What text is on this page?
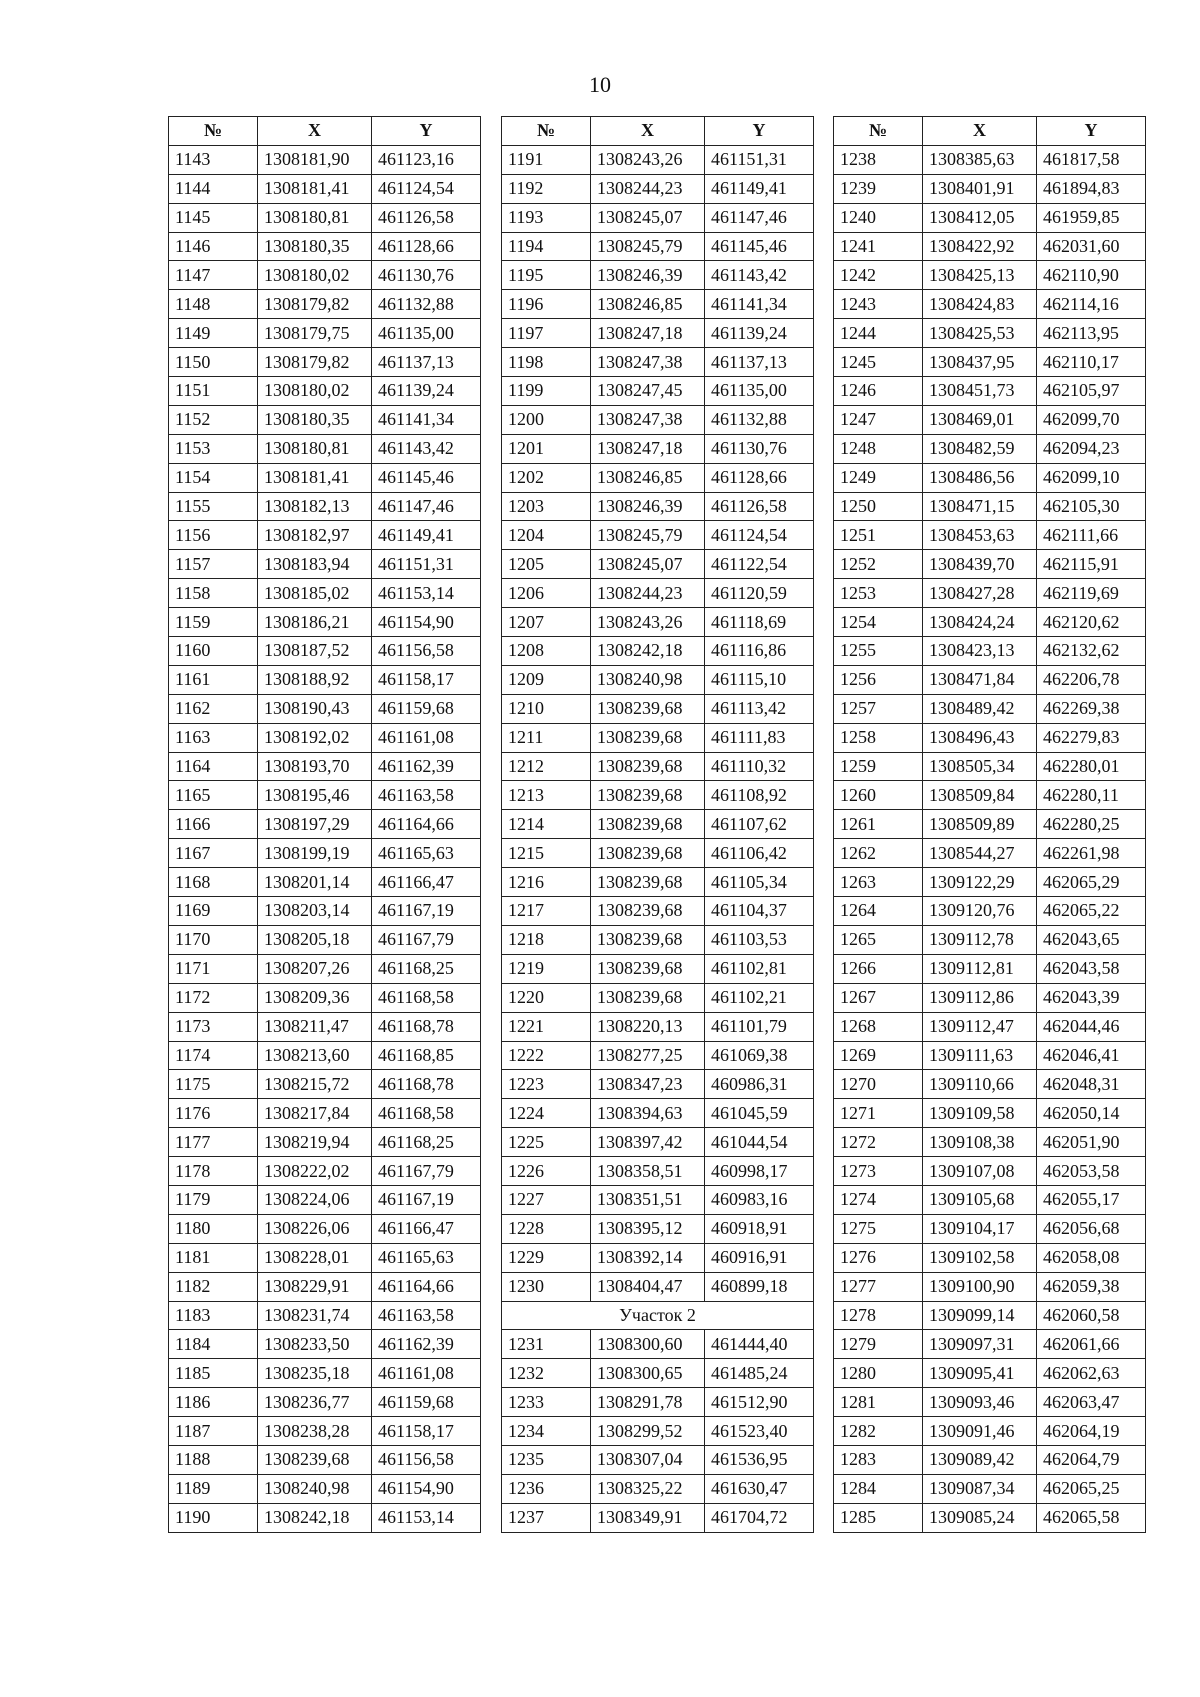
10
№	X	Y
1143	1308181,90	461123,16
1144	1308181,41	461124,54
1145	1308180,81	461126,58
1146	1308180,35	461128,66
1147	1308180,02	461130,76
1148	1308179,82	461132,88
1149	1308179,75	461135,00
1150	1308179,82	461137,13
1151	1308180,02	461139,24
1152	1308180,35	461141,34
1153	1308180,81	461143,42
1154	1308181,41	461145,46
1155	1308182,13	461147,46
1156	1308182,97	461149,41
1157	1308183,94	461151,31
1158	1308185,02	461153,14
1159	1308186,21	461154,90
1160	1308187,52	461156,58
1161	1308188,92	461158,17
1162	1308190,43	461159,68
1163	1308192,02	461161,08
1164	1308193,70	461162,39
1165	1308195,46	461163,58
1166	1308197,29	461164,66
1167	1308199,19	461165,63
1168	1308201,14	461166,47
1169	1308203,14	461167,19
1170	1308205,18	461167,79
1171	1308207,26	461168,25
1172	1308209,36	461168,58
1173	1308211,47	461168,78
1174	1308213,60	461168,85
1175	1308215,72	461168,78
1176	1308217,84	461168,58
1177	1308219,94	461168,25
1178	1308222,02	461167,79
1179	1308224,06	461167,19
1180	1308226,06	461166,47
1181	1308228,01	461165,63
1182	1308229,91	461164,66
1183	1308231,74	461163,58
1184	1308233,50	461162,39
1185	1308235,18	461161,08
1186	1308236,77	461159,68
1187	1308238,28	461158,17
1188	1308239,68	461156,58
1189	1308240,98	461154,90
1190	1308242,18	461153,14
№	X	Y
1191	1308243,26	461151,31
1192	1308244,23	461149,41
1193	1308245,07	461147,46
1194	1308245,79	461145,46
1195	1308246,39	461143,42
1196	1308246,85	461141,34
1197	1308247,18	461139,24
1198	1308247,38	461137,13
1199	1308247,45	461135,00
1200	1308247,38	461132,88
1201	1308247,18	461130,76
1202	1308246,85	461128,66
1203	1308246,39	461126,58
1204	1308245,79	461124,54
1205	1308245,07	461122,54
1206	1308244,23	461120,59
1207	1308243,26	461118,69
1208	1308242,18	461116,86
1209	1308240,98	461115,10
1210	1308239,68	461113,42
1211	1308239,68	461111,83
1212	1308239,68	461110,32
1213	1308239,68	461108,92
1214	1308239,68	461107,62
1215	1308239,68	461106,42
1216	1308239,68	461105,34
1217	1308239,68	461104,37
1218	1308239,68	461103,53
1219	1308239,68	461102,81
1220	1308239,68	461102,21
1221	1308220,13	461101,79
1222	1308277,25	461069,38
1223	1308347,23	460986,31
1224	1308394,63	461045,59
1225	1308397,42	461044,54
1226	1308358,51	460998,17
1227	1308351,51	460983,16
1228	1308395,12	460918,91
1229	1308392,14	460916,91
1230	1308404,47	460899,18
Участок 2		
1231	1308300,60	461444,40
1232	1308300,65	461485,24
1233	1308291,78	461512,90
1234	1308299,52	461523,40
1235	1308307,04	461536,95
1236	1308325,22	461630,47
1237	1308349,91	461704,72
№	X	Y
1238	1308385,63	461817,58
1239	1308401,91	461894,83
1240	1308412,05	461959,85
1241	1308422,92	462031,60
1242	1308425,13	462110,90
1243	1308424,83	462114,16
1244	1308425,53	462113,95
1245	1308437,95	462110,17
1246	1308451,73	462105,97
1247	1308469,01	462099,70
1248	1308482,59	462094,23
1249	1308486,56	462099,10
1250	1308471,15	462105,30
1251	1308453,63	462111,66
1252	1308439,70	462115,91
1253	1308427,28	462119,69
1254	1308424,24	462120,62
1255	1308423,13	462132,62
1256	1308471,84	462206,78
1257	1308489,42	462269,38
1258	1308496,43	462279,83
1259	1308505,34	462280,01
1260	1308509,84	462280,11
1261	1308509,89	462280,25
1262	1308544,27	462261,98
1263	1309122,29	462065,29
1264	1309120,76	462065,22
1265	1309112,78	462043,65
1266	1309112,81	462043,58
1267	1309112,86	462043,39
1268	1309112,47	462044,46
1269	1309111,63	462046,41
1270	1309110,66	462048,31
1271	1309109,58	462050,14
1272	1309108,38	462051,90
1273	1309107,08	462053,58
1274	1309105,68	462055,17
1275	1309104,17	462056,68
1276	1309102,58	462058,08
1277	1309100,90	462059,38
1278	1309099,14	462060,58
1279	1309097,31	462061,66
1280	1309095,41	462062,63
1281	1309093,46	462063,47
1282	1309091,46	462064,19
1283	1309089,42	462064,79
1284	1309087,34	462065,25
1285	1309085,24	462065,58
